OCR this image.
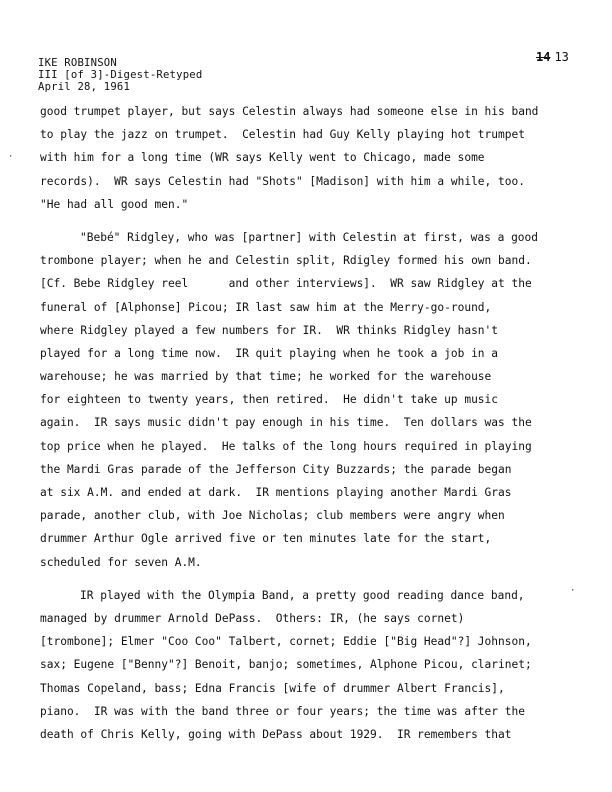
IKE ROBINSON
III [of 3]-Digest-Retyped
April 28, 1961
14 13
good trumpet player, but says Celestin always had someone else in his band
to play the jazz on trumpet.  Celestin had Guy Kelly playing hot trumpet
with him for a long time (WR says Kelly went to Chicago, made some
records).  WR says Celestin had "Shots" [Madison] with him a while, too.
"He had all good men."
"Bebé" Ridgley, who was [partner] with Celestin at first, was a good
trombone player; when he and Celestin split, Rdigley formed his own band.
[Cf. Bebe Ridgley reel      and other interviews].  WR saw Ridgley at the
funeral of [Alphonse] Picou; IR last saw him at the Merry-go-round,
where Ridgley played a few numbers for IR.  WR thinks Ridgley hasn't
played for a long time now.  IR quit playing when he took a job in a
warehouse; he was married by that time; he worked for the warehouse
for eighteen to twenty years, then retired.  He didn't take up music
again.  IR says music didn't pay enough in his time.  Ten dollars was the
top price when he played.  He talks of the long hours required in playing
the Mardi Gras parade of the Jefferson City Buzzards; the parade began
at six A.M. and ended at dark.  IR mentions playing another Mardi Gras
parade, another club, with Joe Nicholas; club members were angry when
drummer Arthur Ogle arrived five or ten minutes late for the start,
scheduled for seven A.M.
IR played with the Olympia Band, a pretty good reading dance band,
managed by drummer Arnold DePass.  Others: IR, (he says cornet)
[trombone]; Elmer "Coo Coo" Talbert, cornet; Eddie ["Big Head"?] Johnson,
sax; Eugene ["Benny"?] Benoit, banjo; sometimes, Alphone Picou, clarinet;
Thomas Copeland, bass; Edna Francis [wife of drummer Albert Francis],
piano.  IR was with the band three or four years; the time was after the
death of Chris Kelly, going with DePass about 1929.  IR remembers that
·
·
